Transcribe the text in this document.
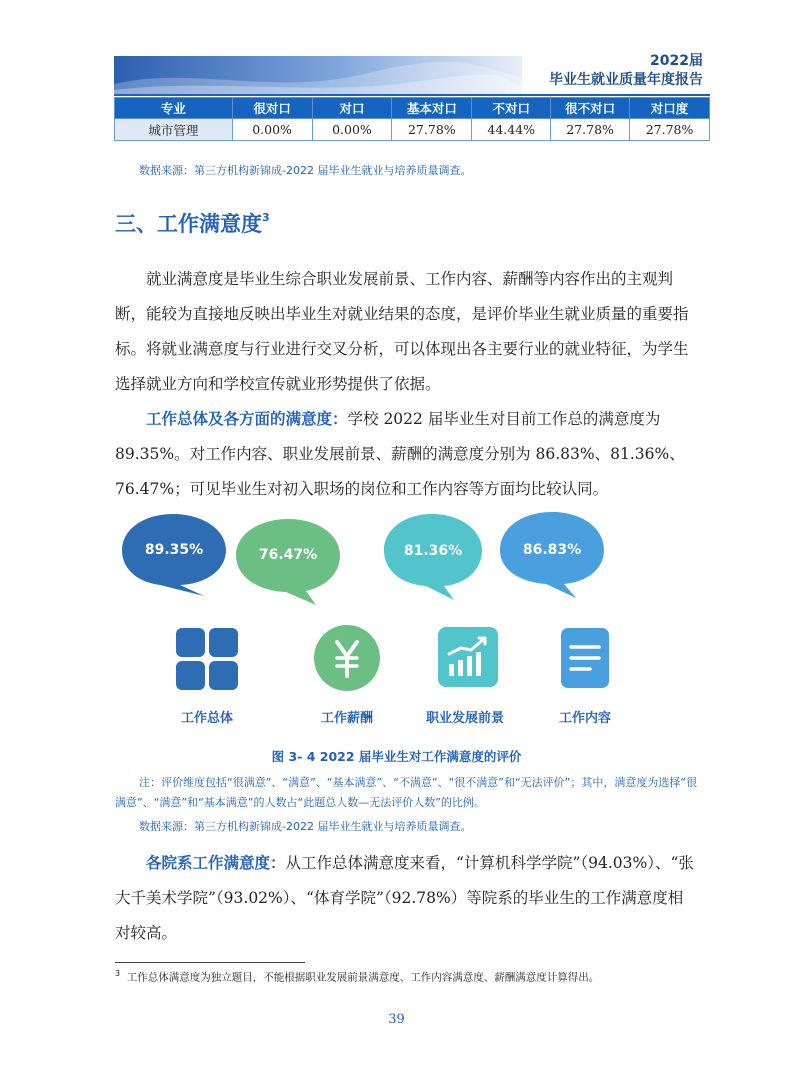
2022届
毕业生就业质量年度报告
专业	很对口	对口	基本对口	不对口	很不对口	对口度
城市管理	0.00%	0.00%	27.78%	44.44%	27.78%	27.78%
数据来源：第三方机构新锦成-2022 届毕业生就业与培养质量调查。
三、工作满意度$^3$
就业满意度是毕业生综合职业发展前景、工作内容、薪酬等内容作出的主观判断，能较为直接地反映出毕业生对就业结果的态度，是评价毕业生就业质量的重要指标。将就业满意度与行业进行交叉分析，可以体现出各主要行业的就业特征，为学生选择就业方向和学校宣传就业形势提供了依据。
工作总体及各方面的满意度：学校 2022 届毕业生对目前工作总的满意度为 89.35%。对工作内容、职业发展前景、薪酬的满意度分别为 86.83%、81.36%、76.47%；可见毕业生对初入职场的岗位和工作内容等方面均比较认同。
89.35%	76.47%	81.36%	86.83%
工作总体	工作薪酬	职业发展前景	工作内容
图 3- 4 2022 届毕业生对工作满意度的评价
注：评价维度包括“很满意”、“满意”、“基本满意”、“不满意”、“很不满意”和“无法评价”；其中，满意度为选择“很满意”、“满意”和“基本满意”的人数占“此题总人数—无法评价人数”的比例。
数据来源：第三方机构新锦成-2022 届毕业生就业与培养质量调查。
各院系工作满意度：从工作总体满意度来看，“计算机科学学院”（94.03%）、“张大千美术学院”（93.02%）、“体育学院”（92.78%）等院系的毕业生的工作满意度相对较高。
$^3$ 工作总体满意度为独立题目，不能根据职业发展前景满意度、工作内容满意度、薪酬满意度计算得出。
39
